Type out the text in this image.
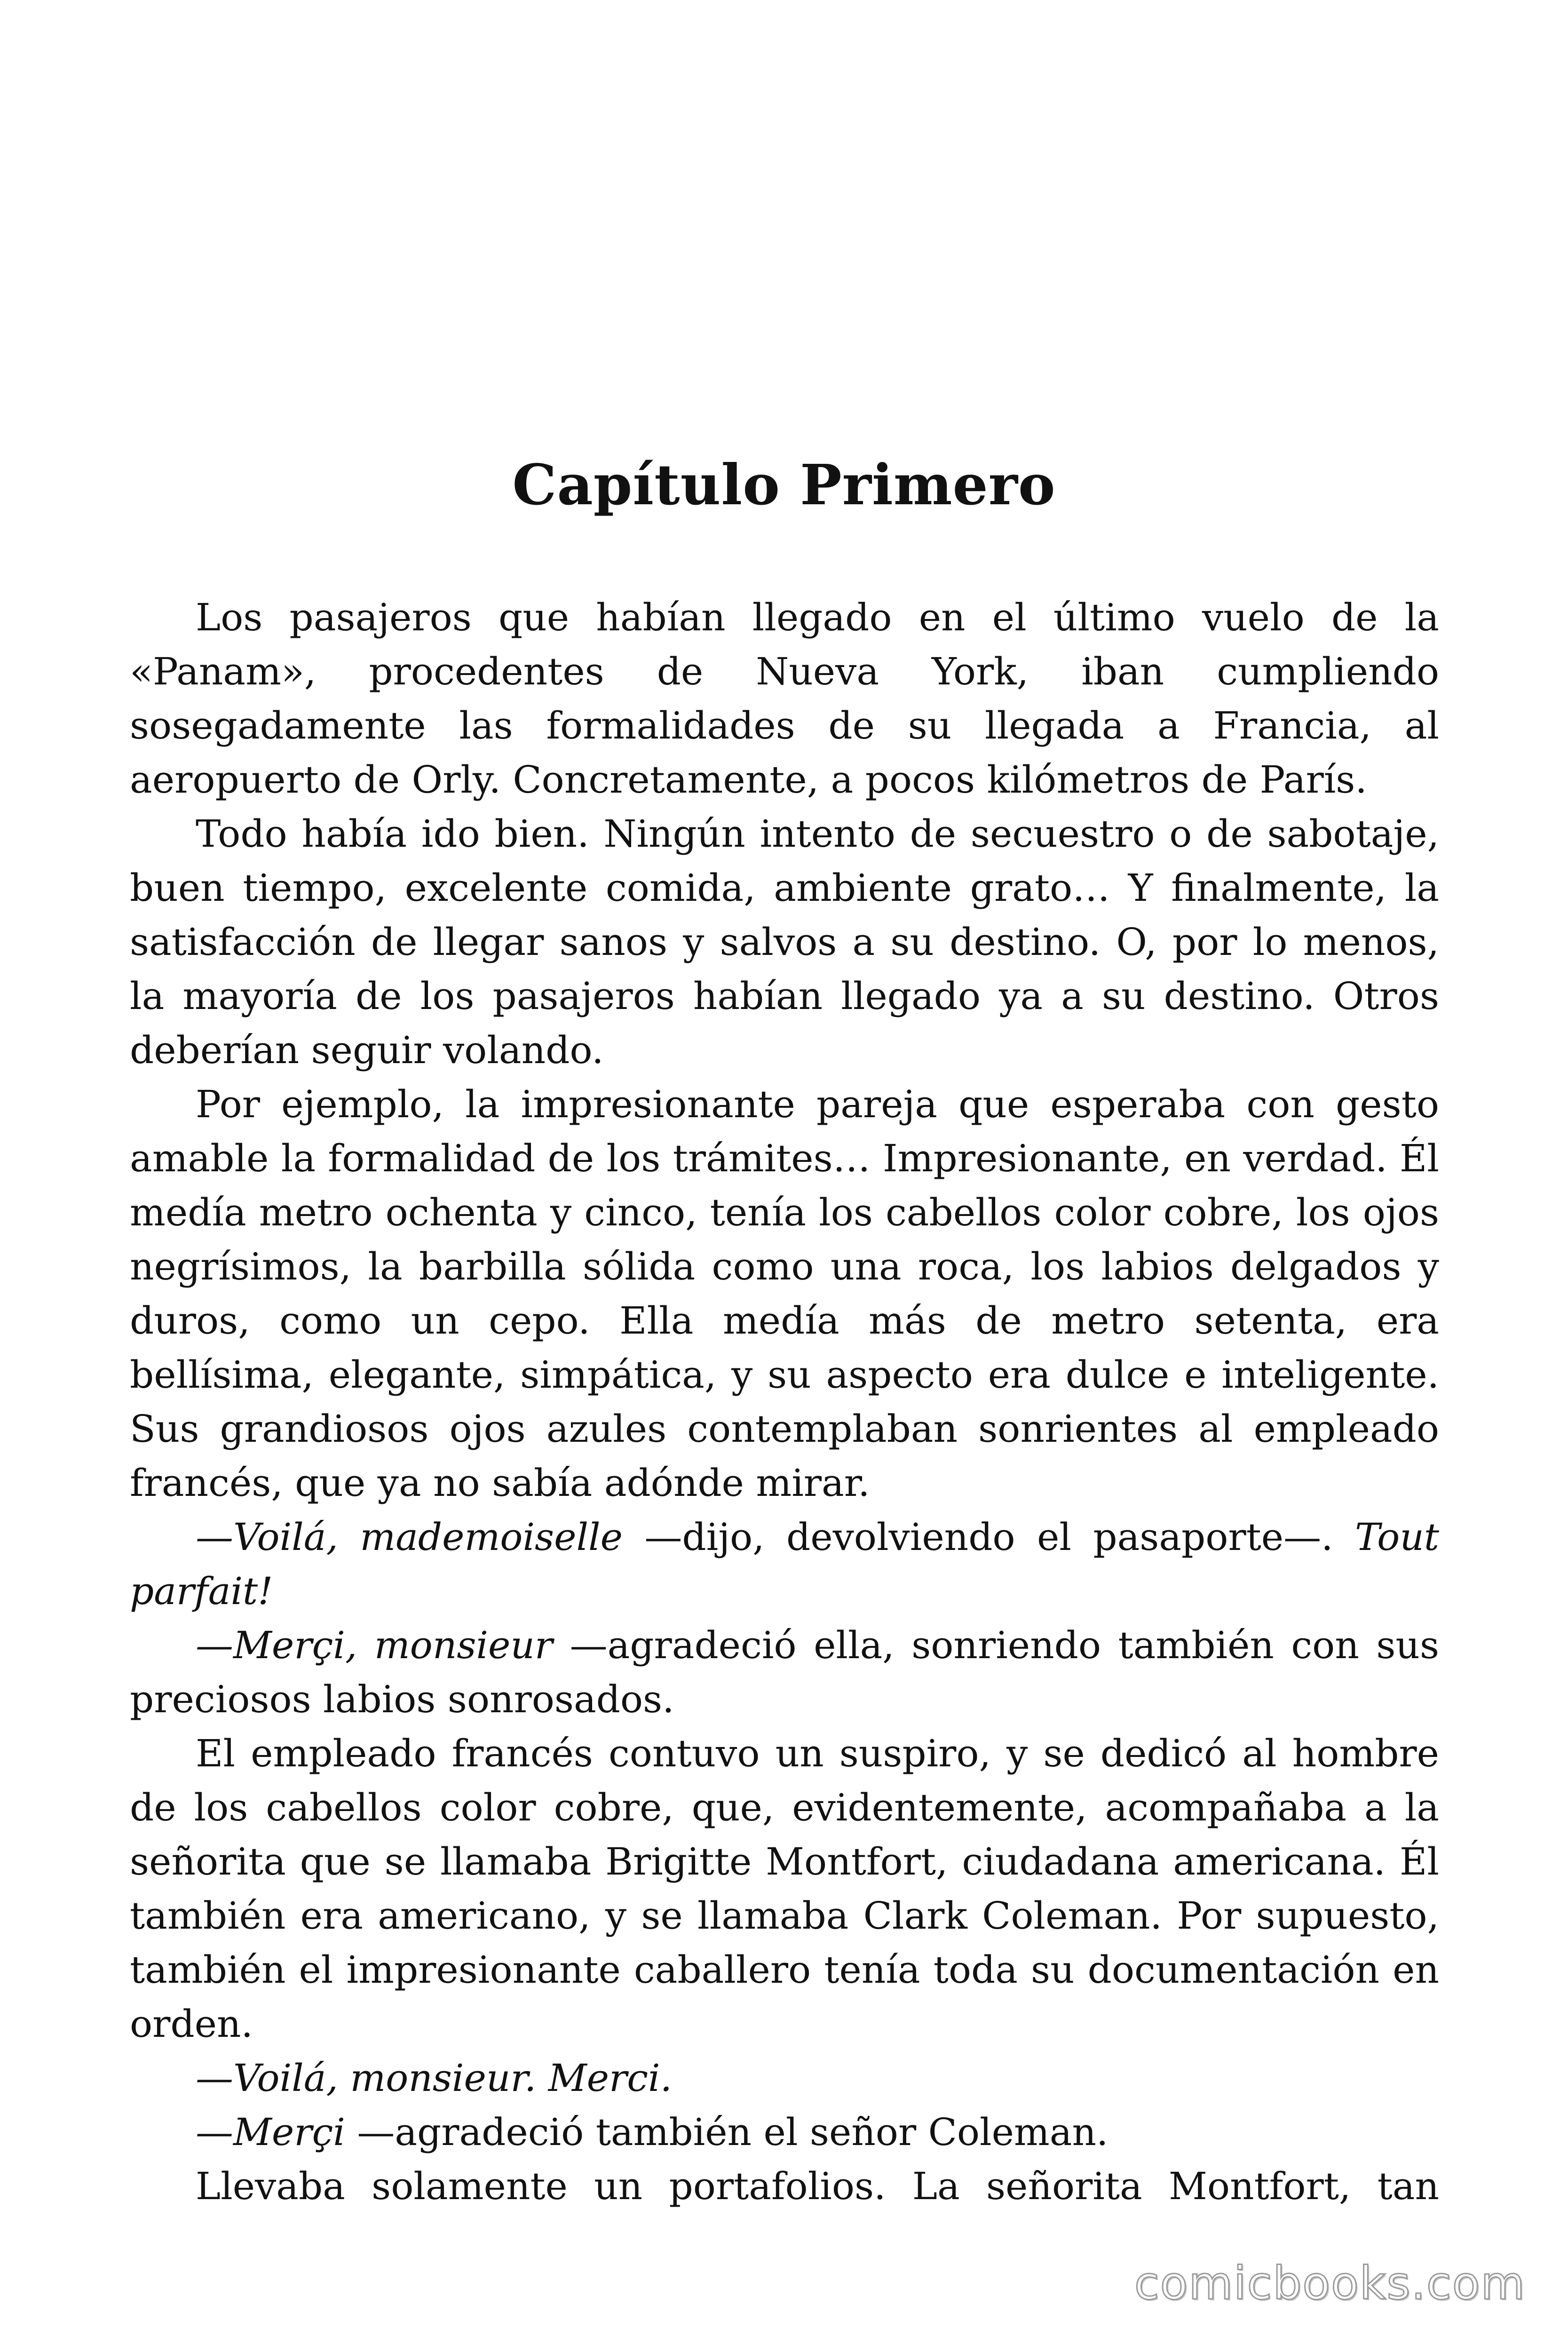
Capítulo Primero

Los pasajeros que habían llegado en el último vuelo de la «Panam», procedentes de Nueva York, iban cumpliendo sosegadamente las formalidades de su llegada a Francia, al aeropuerto de Orly. Concretamente, a pocos kilómetros de París.

Todo había ido bien. Ningún intento de secuestro o de sabotaje, buen tiempo, excelente comida, ambiente grato… Y finalmente, la satisfacción de llegar sanos y salvos a su destino. O, por lo menos, la mayoría de los pasajeros habían llegado ya a su destino. Otros deberían seguir volando.

Por ejemplo, la impresionante pareja que esperaba con gesto amable la formalidad de los trámites… Impresionante, en verdad. Él medía metro ochenta y cinco, tenía los cabellos color cobre, los ojos negrísimos, la barbilla sólida como una roca, los labios delgados y duros, como un cepo. Ella medía más de metro setenta, era bellísima, elegante, simpática, y su aspecto era dulce e inteligente. Sus grandiosos ojos azules contemplaban sonrientes al empleado francés, que ya no sabía adónde mirar.

—Voilá, mademoiselle —dijo, devolviendo el pasaporte—. Tout parfait!

—Merçi, monsieur —agradeció ella, sonriendo también con sus preciosos labios sonrosados.

El empleado francés contuvo un suspiro, y se dedicó al hombre de los cabellos color cobre, que, evidentemente, acompañaba a la señorita que se llamaba Brigitte Montfort, ciudadana americana. Él también era americano, y se llamaba Clark Coleman. Por supuesto, también el impresionante caballero tenía toda su documentación en orden.

—Voilá, monsieur. Merci.

—Merçi —agradeció también el señor Coleman.

Llevaba solamente un portafolios. La señorita Montfort, tan

comicbooks.com
